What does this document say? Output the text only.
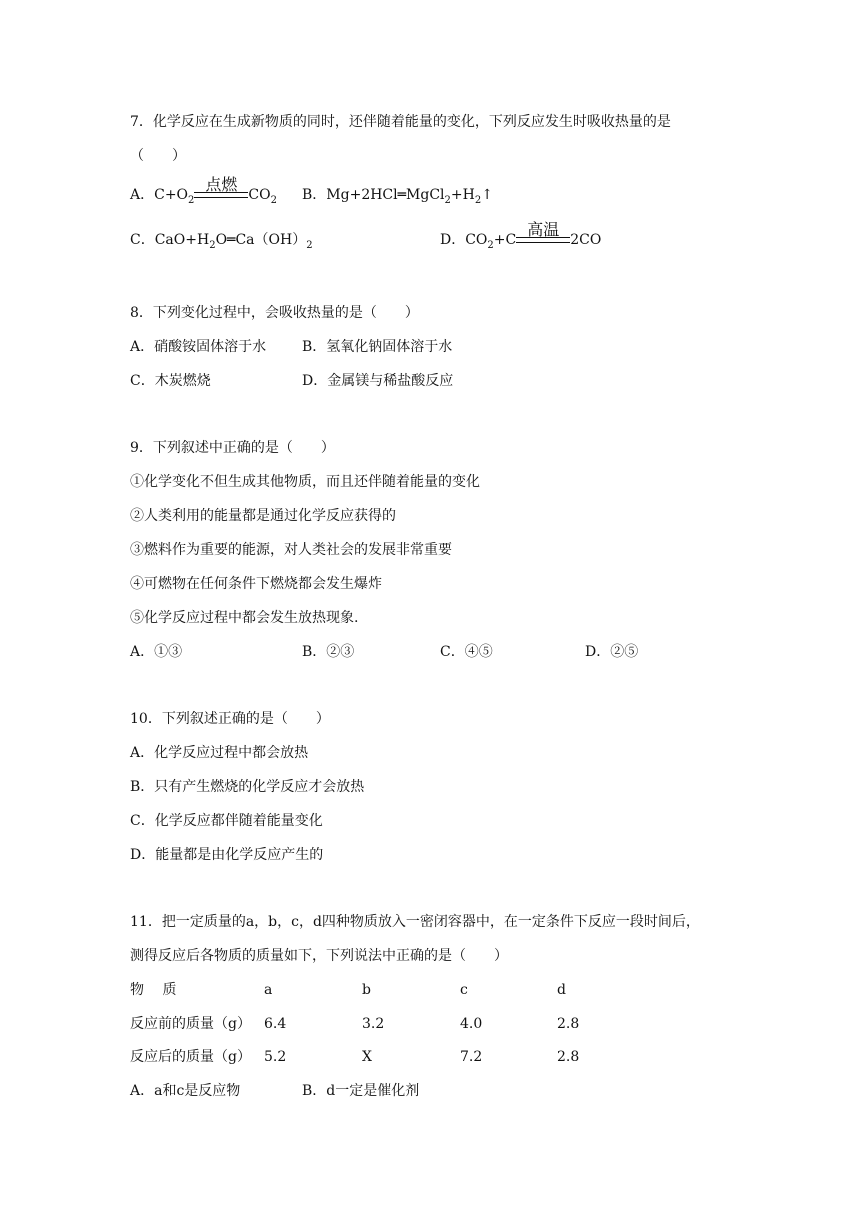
7．化学反应在生成新物质的同时，还伴随着能量的变化，下列反应发生时吸收热量的是
（　　）
A．$C+O_2$
点燃
$CO_2$ B．$Mg+2HCl═MgCl_2+H_2↑$
C．$CaO+H_2O═Ca(OH)_2$	D．$CO_2+C$
高温
2CO
8．下列变化过程中，会吸收热量的是（　　）
A．硝酸铵固体溶于水	B．氢氧化钠固体溶于水
C．木炭燃烧	D．金属镁与稀盐酸反应
9．下列叙述中正确的是（　　）
①化学变化不但生成其他物质，而且还伴随着能量的变化
②人类利用的能量都是通过化学反应获得的
③燃料作为重要的能源，对人类社会的发展非常重要
④可燃物在任何条件下燃烧都会发生爆炸
⑤化学反应过程中都会发生放热现象.
A．①③	B．②③	C．④⑤	D．②⑤
10．下列叙述正确的是（　　）
A．化学反应过程中都会放热
B．只有产生燃烧的化学反应才会放热
C．化学反应都伴随着能量变化
D．能量都是由化学反应产生的
11．把一定质量的a，b，c，d四种物质放入一密闭容器中，在一定条件下反应一段时间后，
测得反应后各物质的质量如下，下列说法中正确的是（　　）
物　 质	a	b	c	d
反应前的质量（g） 6.4	3.2	4.0	2.8
反应后的质量（g） 5.2	X	7.2	2.8
A．a和c是反应物	B．d一定是催化剂
